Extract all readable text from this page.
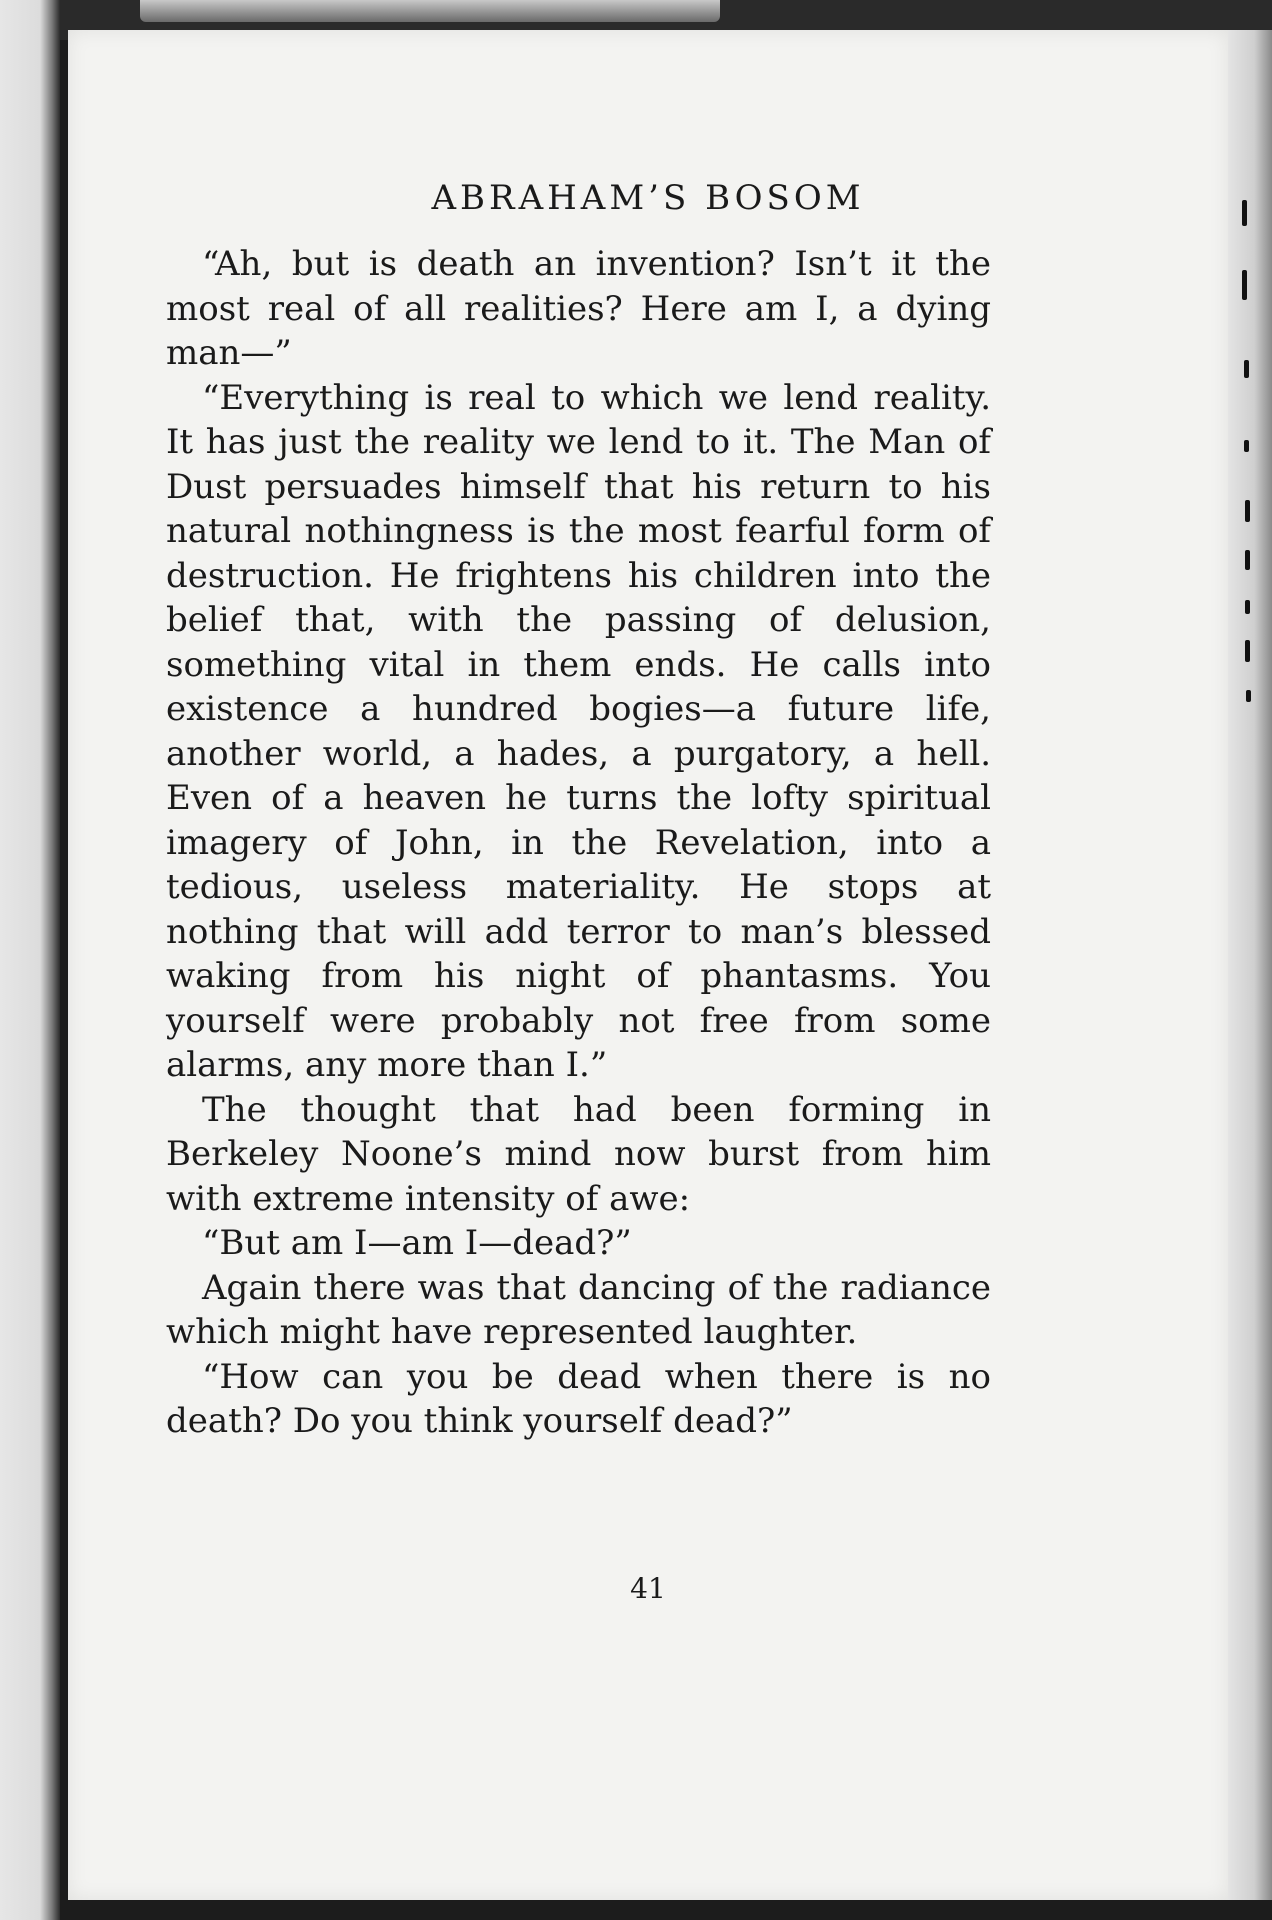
ABRAHAM’S BOSOM

“Ah, but is death an invention? Isn’t it the most real of all realities? Here am I, a dying man—”

“Everything is real to which we lend reality. It has just the reality we lend to it. The Man of Dust persuades himself that his return to his natural nothingness is the most fearful form of destruction. He frightens his children into the belief that, with the passing of delusion, something vital in them ends. He calls into existence a hundred bogies—a future life, another world, a hades, a purgatory, a hell. Even of a heaven he turns the lofty spiritual imagery of John, in the Revelation, into a tedious, useless materiality. He stops at nothing that will add terror to man’s blessed waking from his night of phantasms. You yourself were probably not free from some alarms, any more than I.”

The thought that had been forming in Berkeley Noone’s mind now burst from him with extreme intensity of awe:

“But am I—am I—dead?”

Again there was that dancing of the radiance which might have represented laughter.

“How can you be dead when there is no death? Do you think yourself dead?”

41
